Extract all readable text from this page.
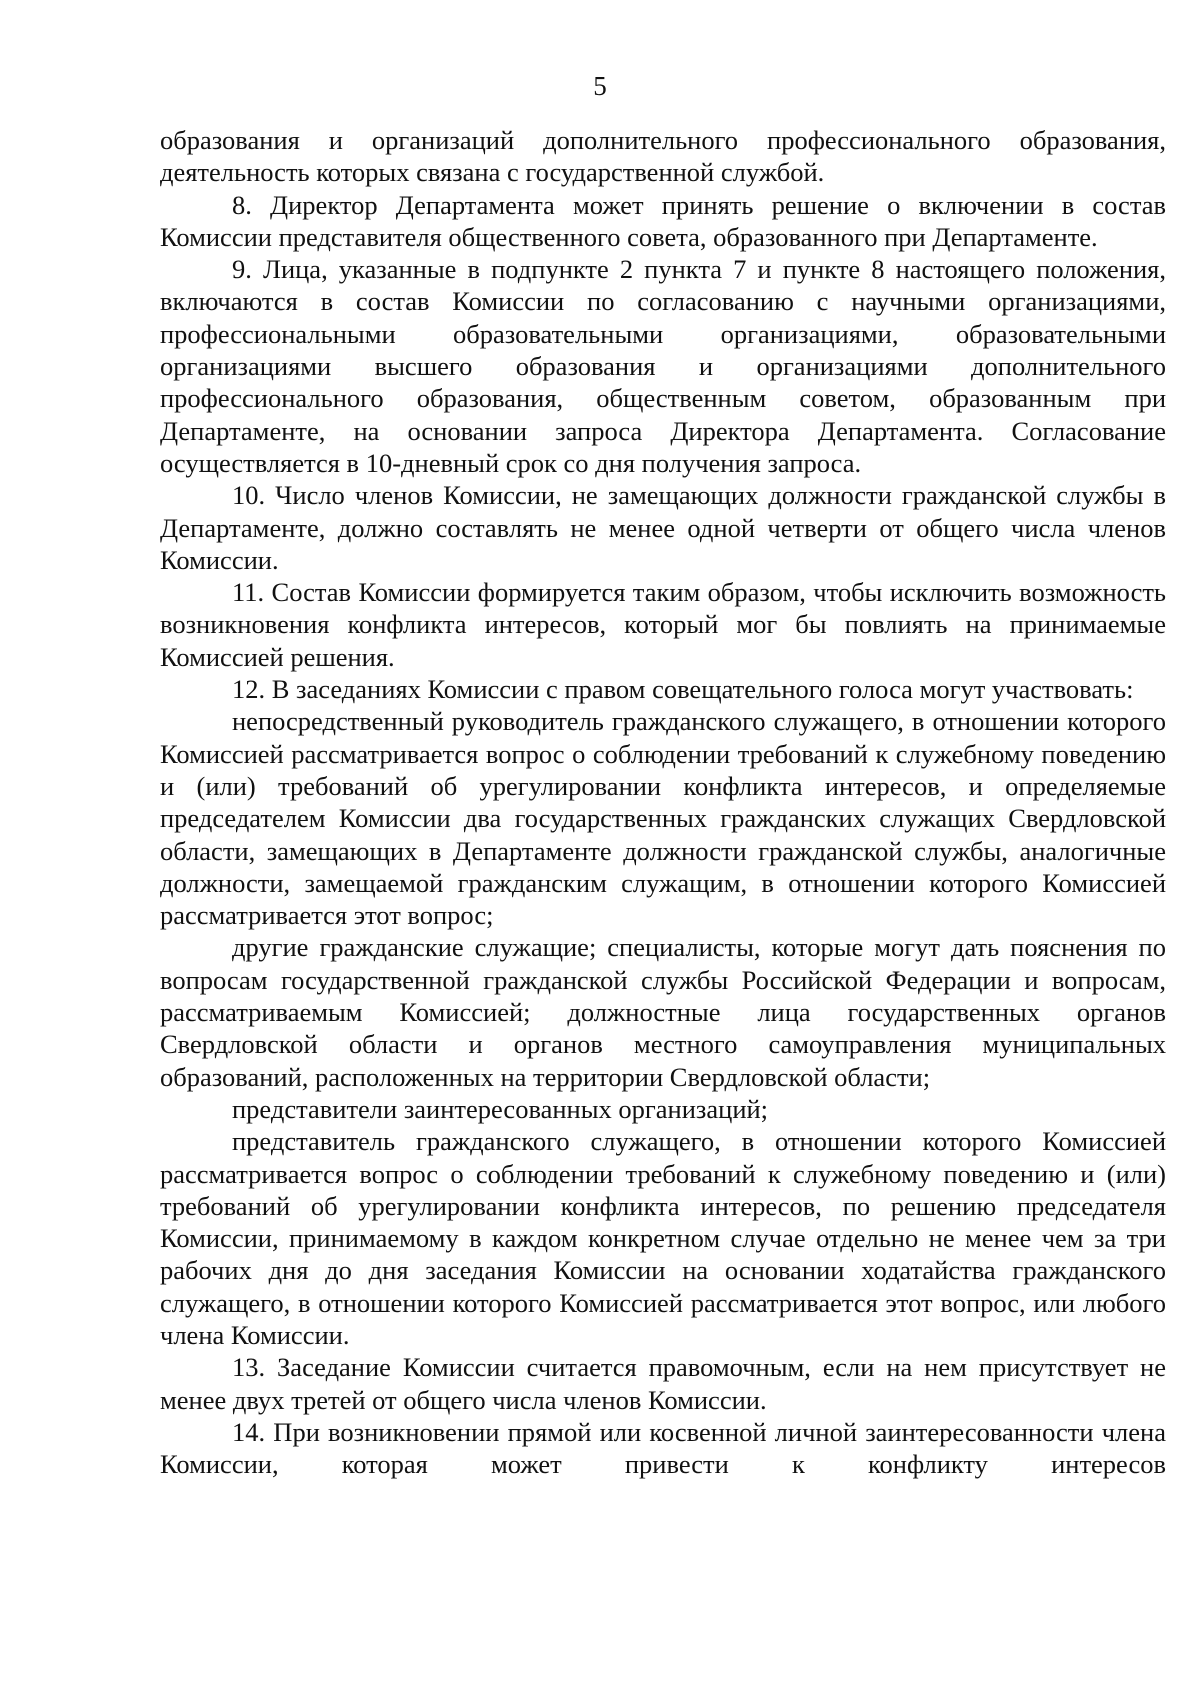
5

образования и организаций дополнительного профессионального образования, деятельность которых связана с государственной службой.

8. Директор Департамента может принять решение о включении в состав Комиссии представителя общественного совета, образованного при Департаменте.

9. Лица, указанные в подпункте 2 пункта 7 и пункте 8 настоящего положения, включаются в состав Комиссии по согласованию с научными организациями, профессиональными образовательными организациями, образовательными организациями высшего образования и организациями дополнительного профессионального образования, общественным советом, образованным при Департаменте, на основании запроса Директора Департамента. Согласование осуществляется в 10-дневный срок со дня получения запроса.

10. Число членов Комиссии, не замещающих должности гражданской службы в Департаменте, должно составлять не менее одной четверти от общего числа членов Комиссии.

11. Состав Комиссии формируется таким образом, чтобы исключить возможность возникновения конфликта интересов, который мог бы повлиять на принимаемые Комиссией решения.

12. В заседаниях Комиссии с правом совещательного голоса могут участвовать:

непосредственный руководитель гражданского служащего, в отношении которого Комиссией рассматривается вопрос о соблюдении требований к служебному поведению и (или) требований об урегулировании конфликта интересов, и определяемые председателем Комиссии два государственных гражданских служащих Свердловской области, замещающих в Департаменте должности гражданской службы, аналогичные должности, замещаемой гражданским служащим, в отношении которого Комиссией рассматривается этот вопрос;

другие гражданские служащие; специалисты, которые могут дать пояснения по вопросам государственной гражданской службы Российской Федерации и вопросам, рассматриваемым Комиссией; должностные лица государственных органов Свердловской области и органов местного самоуправления муниципальных образований, расположенных на территории Свердловской области;

представители заинтересованных организаций;

представитель гражданского служащего, в отношении которого Комиссией рассматривается вопрос о соблюдении требований к служебному поведению и (или) требований об урегулировании конфликта интересов, по решению председателя Комиссии, принимаемому в каждом конкретном случае отдельно не менее чем за три рабочих дня до дня заседания Комиссии на основании ходатайства гражданского служащего, в отношении которого Комиссией рассматривается этот вопрос, или любого члена Комиссии.

13. Заседание Комиссии считается правомочным, если на нем присутствует не менее двух третей от общего числа членов Комиссии.

14. При возникновении прямой или косвенной личной заинтересованности члена Комиссии, которая может привести к конфликту интересов
